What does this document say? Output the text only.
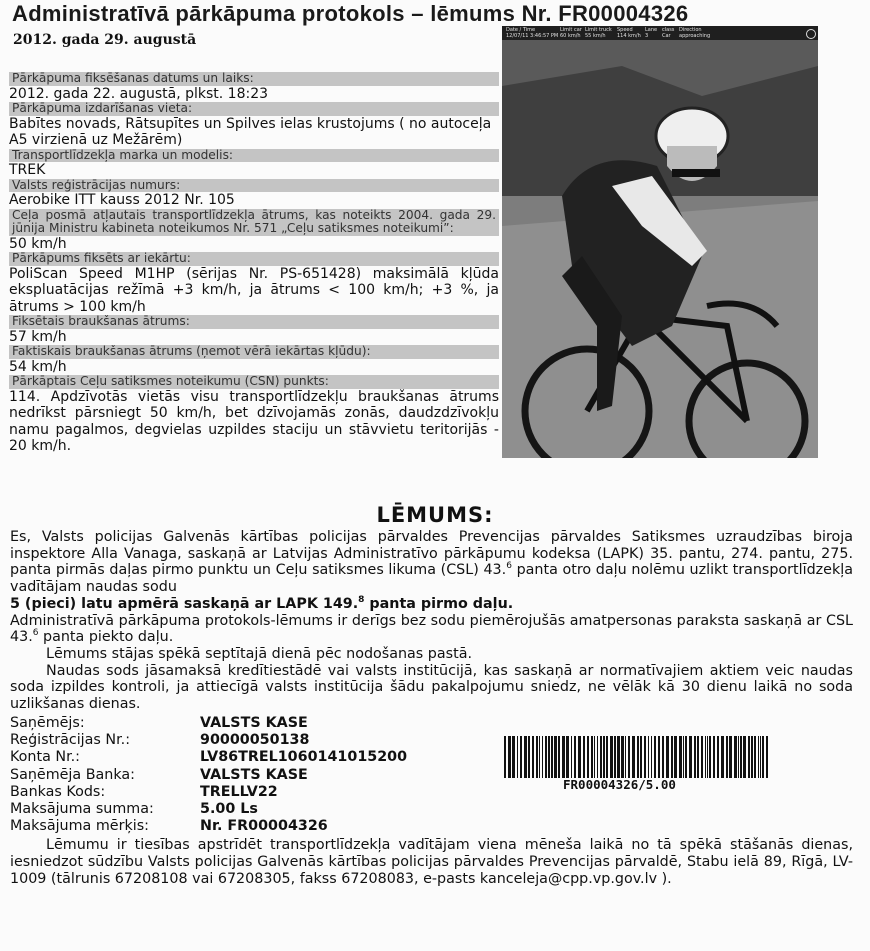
Administratīvā pārkāpuma protokols – lēmums Nr. FR00004326
2012. gada 29. augustā
Pārkāpuma fiksēšanas datums un laiks:
2012. gada 22. augustā, plkst. 18:23
Pārkāpuma izdarīšanas vieta:
Babītes novads, Rātsupītes un Spilves ielas krustojums ( no autoceļa A5 virzienā uz Mežārēm)
Transportlīdzekļa marka un modelis:
TREK
Valsts reģistrācijas numurs:
Aerobike ITT kauss 2012 Nr. 105
Ceļa posmā atļautais transportlīdzekļa ātrums, kas noteikts 2004. gada 29. jūnija Ministru kabineta noteikumos Nr. 571 „Ceļu satiksmes noteikumi”:
50 km/h
Pārkāpums fiksēts ar iekārtu:
PoliScan Speed M1HP (sērijas Nr. PS-651428) maksimālā kļūda ekspluatācijas režīmā +3 km/h, ja ātrums < 100 km/h; +3 %, ja ātrums > 100 km/h
Fiksētais braukšanas ātrums:
57 km/h
Faktiskais braukšanas ātrums (ņemot vērā iekārtas kļūdu):
54 km/h
Pārkāptais Ceļu satiksmes noteikumu (CSN) punkts:
114. Apdzīvotās vietās visu transportlīdzekļu braukšanas ātrums nedrīkst pārsniegt 50 km/h, bet dzīvojamās zonās, daudzdzīvokļu namu pagalmos, degvielas uzpildes staciju un stāvvietu teritorijās - 20 km/h.
Date / Time
12/07/11 3:46:57 PM
Limit car
60 km/h
Limit truck
55 km/h
Speed
114 km/h
Lane
3
class
Car
Direction
approaching
LĒMUMS:

Es, Valsts policijas Galvenās kārtības policijas pārvaldes Prevencijas pārvaldes Satiksmes uzraudzības biroja inspektore Alla Vanaga, saskaņā ar Latvijas Administratīvo pārkāpumu kodeksa (LAPK) 35. pantu, 274. pantu, 275. panta pirmās daļas pirmo punktu un Ceļu satiksmes likuma (CSL) 43.$^6$ panta otro daļu nolēmu uzlikt transportlīdzekļa vadītājam naudas sodu

5 (pieci) latu apmērā saskaņā ar LAPK 149.$^8$ panta pirmo daļu.

Administratīvā pārkāpuma protokols-lēmums ir derīgs bez sodu piemērojušās amatpersonas paraksta saskaņā ar CSL 43.$^6$ panta piekto daļu.

Lēmums stājas spēkā septītajā dienā pēc nodošanas pastā.

Naudas sods jāsamaksā kredītiestādē vai valsts institūcijā, kas saskaņā ar normatīvajiem aktiem veic naudas soda izpildes kontroli, ja attiecīgā valsts institūcija šādu pakalpojumu sniedz, ne vēlāk kā 30 dienu laikā no soda uzlikšanas dienas.

Saņēmējs:	VALSTS KASE
Reģistrācijas Nr.:	90000050138
Konta Nr.:	LV86TREL1060141015200
Saņēmēja Banka:	VALSTS KASE
Bankas Kods:	TRELLV22
Maksājuma summa:	5.00 Ls
Maksājuma mērķis:	Nr. FR00004326
FR00004326/5.00

Lēmumu ir tiesības apstrīdēt transportlīdzekļa vadītājam viena mēneša laikā no tā spēkā stāšanās dienas, iesniedzot sūdzību Valsts policijas Galvenās kārtības policijas pārvaldes Prevencijas pārvaldē, Stabu ielā 89, Rīgā, LV-1009 (tālrunis 67208108 vai 67208305, fakss 67208083, e-pasts kanceleja@cpp.vp.gov.lv ).
